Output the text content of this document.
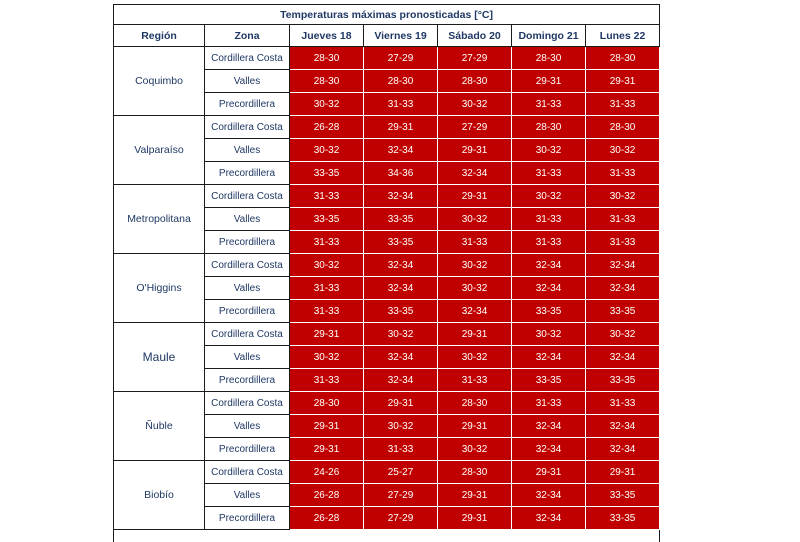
Temperaturas máximas pronosticadas [°C]						
Región	Zona	Jueves 18	Viernes 19	Sábado 20	Domingo 21	Lunes 22
Coquimbo	Cordillera Costa	28-30	27-29	27-29	28-30	28-30
	Valles	28-30	28-30	28-30	29-31	29-31
	Precordillera	30-32	31-33	30-32	31-33	31-33
Valparaíso	Cordillera Costa	26-28	29-31	27-29	28-30	28-30
	Valles	30-32	32-34	29-31	30-32	30-32
	Precordillera	33-35	34-36	32-34	31-33	31-33
Metropolitana	Cordillera Costa	31-33	32-34	29-31	30-32	30-32
	Valles	33-35	33-35	30-32	31-33	31-33
	Precordillera	31-33	33-35	31-33	31-33	31-33
O'Higgins	Cordillera Costa	30-32	32-34	30-32	32-34	32-34
	Valles	31-33	32-34	30-32	32-34	32-34
	Precordillera	31-33	33-35	32-34	33-35	33-35
Maule	Cordillera Costa	29-31	30-32	29-31	30-32	30-32
	Valles	30-32	32-34	30-32	32-34	32-34
	Precordillera	31-33	32-34	31-33	33-35	33-35
Ñuble	Cordillera Costa	28-30	29-31	28-30	31-33	31-33
	Valles	29-31	30-32	29-31	32-34	32-34
	Precordillera	29-31	31-33	30-32	32-34	32-34
Biobío	Cordillera Costa	24-26	25-27	28-30	29-31	29-31
	Valles	26-28	27-29	29-31	32-34	33-35
	Precordillera	26-28	27-29	29-31	32-34	33-35
